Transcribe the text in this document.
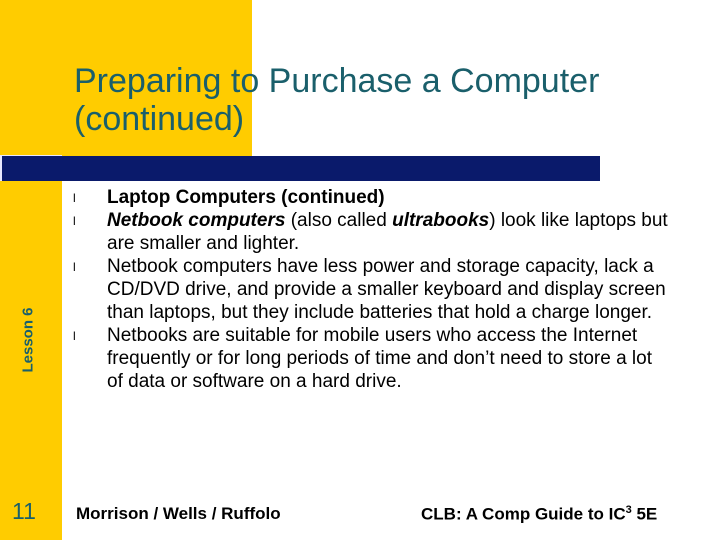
Preparing to Purchase a Computer
(continued)
Lesson 6
l Laptop Computers (continued)
l Netbook computers (also called ultrabooks) look like laptops but are smaller and lighter.
l Netbook computers have less power and storage capacity, lack a CD/DVD drive, and provide a smaller keyboard and display screen than laptops, but they include batteries that hold a charge longer.
l Netbooks are suitable for mobile users who access the Internet frequently or for long periods of time and don’t need to store a lot of data or software on a hard drive.
11	Morrison / Wells / Ruffolo	CLB: A Comp Guide to $IC^3$ 5E
